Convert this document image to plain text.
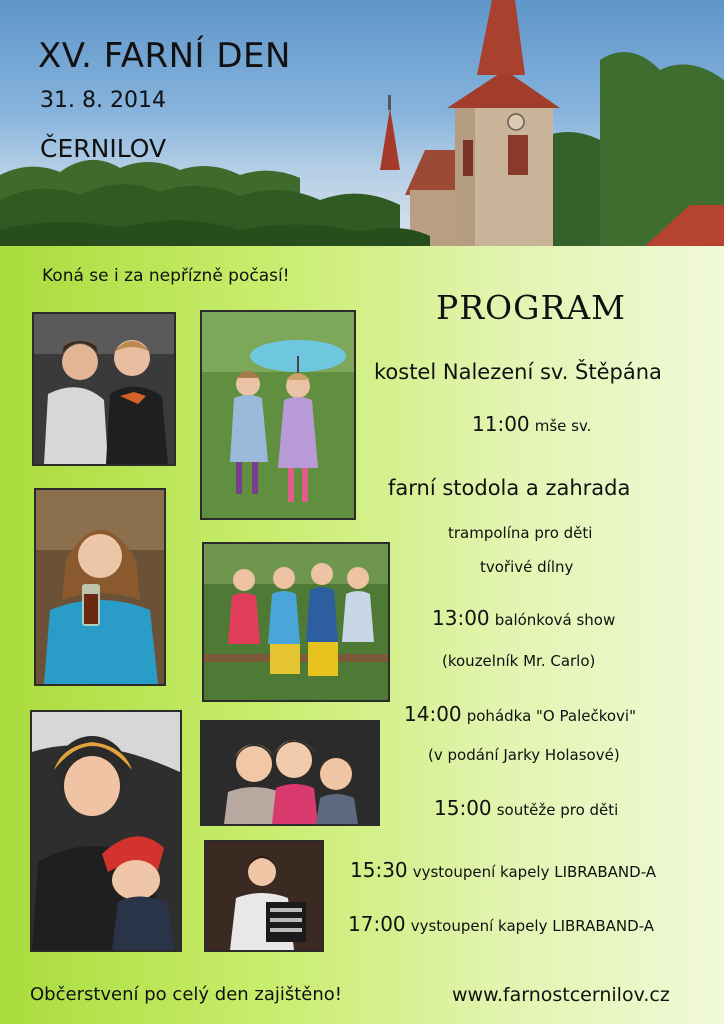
XV. FARNÍ DEN
31. 8. 2014
ČERNILOV
Koná se i za nepřízně počasí!
PROGRAM
kostel Nalezení sv. Štěpána
11:00 mše sv.
farní stodola a zahrada
trampolína pro děti
tvořivé dílny
13:00 balónková show
(kouzelník Mr. Carlo)
14:00 pohádka "O Palečkovi"
(v podání Jarky Holasové)
15:00 soutěže pro děti
15:30 vystoupení kapely LIBRABAND-A
17:00 vystoupení kapely LIBRABAND-A
Občerstvení po celý den zajištěno!	www.farnostcernilov.cz
